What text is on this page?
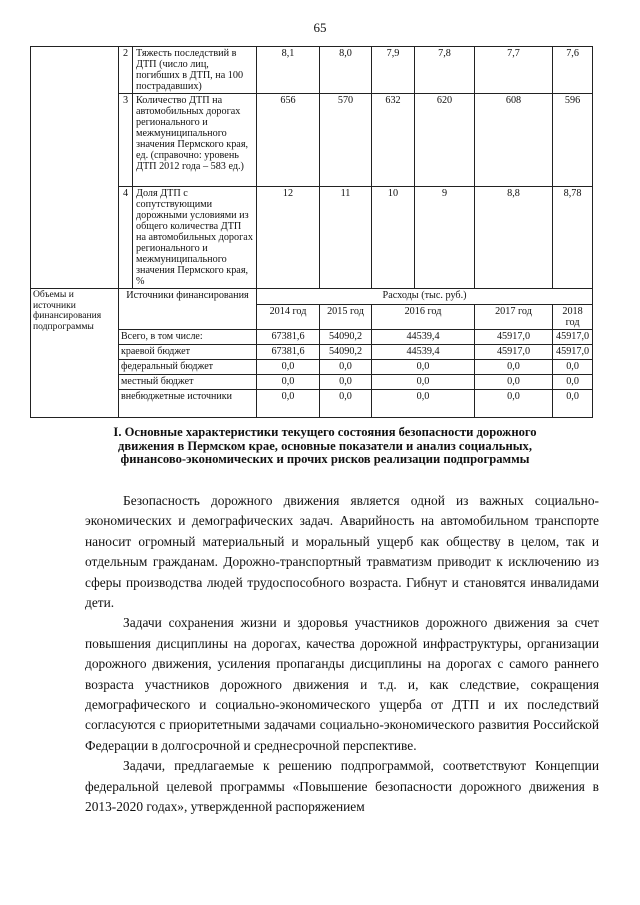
65
	2	Тяжесть последствий в ДТП (число лиц, погибших в ДТП, на 100 пострадавших)	8,1	8,0	7,9	7,8	7,7	7,6
	3	Количество ДТП на автомобильных дорогах регионального и межмуниципального значения Пермского края, ед. (справочно: уровень ДТП 2012 года – 583 ед.)	656	570	632	620	608	596
	4	Доля ДТП с сопутствующими дорожными условиями из общего количества ДТП на автомобильных дорогах регионального и межмуниципального значения Пермского края, %	12	11	10	9	8,8	8,78
Объемы и источники финансирования подпрограммы	Источники финансирования		Расходы (тыс. руб.)					
			2014 год	2015 год	2016 год		2017 год	2018 год
	Всего, в том числе:		67381,6	54090,2	44539,4		45917,0	45917,0
	краевой бюджет		67381,6	54090,2	44539,4		45917,0	45917,0
	федеральный бюджет		0,0	0,0	0,0		0,0	0,0
	местный бюджет		0,0	0,0	0,0		0,0	0,0
	внебюджетные источники		0,0	0,0	0,0		0,0	0,0
I. Основные характеристики текущего состояния безопасности дорожного движения в Пермском крае, основные показатели и анализ социальных, финансово-экономических и прочих рисков реализации подпрограммы

Безопасность дорожного движения является одной из важных социально-экономических и демографических задач. Аварийность на автомобильном транспорте наносит огромный материальный и моральный ущерб как обществу в целом, так и отдельным гражданам. Дорожно-транспортный травматизм приводит к исключению из сферы производства людей трудоспособного возраста. Гибнут и становятся инвалидами дети.

Задачи сохранения жизни и здоровья участников дорожного движения за счет повышения дисциплины на дорогах, качества дорожной инфраструктуры, организации дорожного движения, усиления пропаганды дисциплины на дорогах с самого раннего возраста участников дорожного движения и т.д. и, как следствие, сокращения демографического и социально-экономического ущерба от ДТП и их последствий согласуются с приоритетными задачами социально-экономического развития Российской Федерации в долгосрочной и среднесрочной перспективе.

Задачи, предлагаемые к решению подпрограммой, соответствуют Концепции федеральной целевой программы «Повышение безопасности дорожного движения в 2013-2020 годах», утвержденной распоряжением
